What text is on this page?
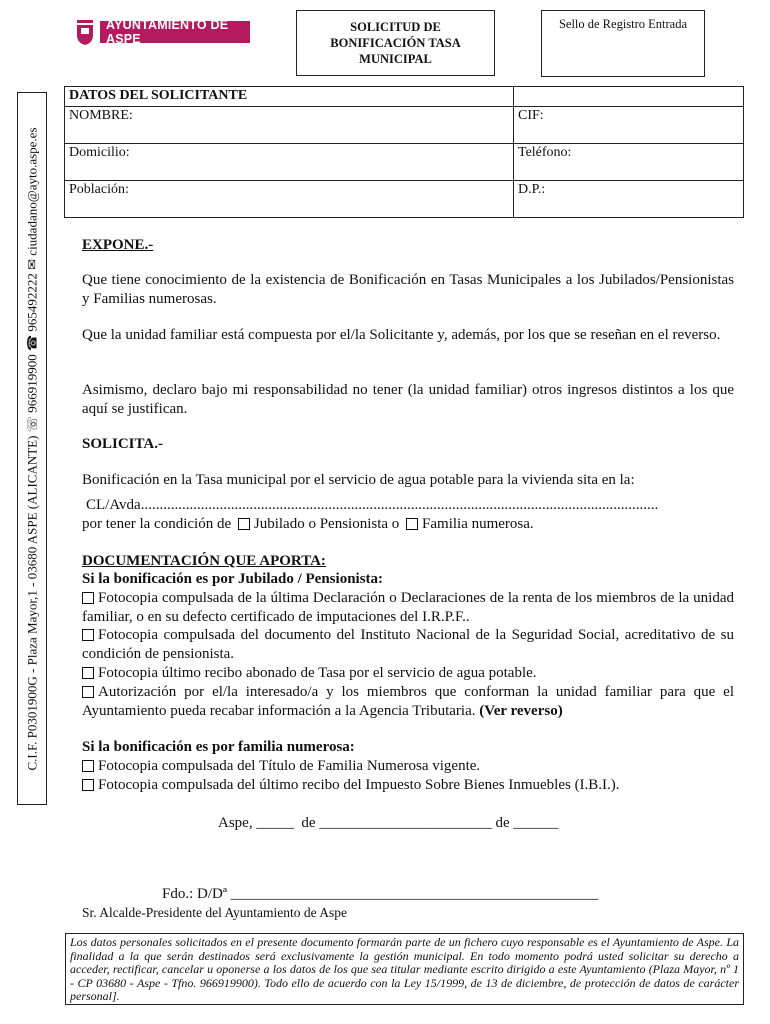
AYUNTAMIENTO DE ASPE
SOLICITUD DE
BONIFICACIÓN TASA
MUNICIPAL
Sello de Registro Entrada
C.I.F. P0301900G - Plaza Mayor,1 - 03680 ASPE (ALICANTE) ☏ 966919900 ☎ 965492222 ✉ ciudadano@ayto.aspe.es
DATOS DEL SOLICITANTE	
NOMBRE:	CIF:
Domicilio:	Teléfono:
Población:	D.P.:
EXPONE.-
Que tiene conocimiento de la existencia de Bonificación en Tasas Municipales a los Jubilados/Pensionistas y Familias numerosas.
Que la unidad familiar está compuesta por el/la Solicitante y, además, por los que se reseñan en el reverso.
Asimismo, declaro bajo mi responsabilidad no tener (la unidad familiar) otros ingresos distintos a los que aquí se justifican.
SOLICITA.-
Bonificación en la Tasa municipal por el servicio de agua potable para la vivienda sita en la:
CL/Avda..........................................................................................................................................
por tener la condición de Jubilado o Pensionista o Familia numerosa.
DOCUMENTACIÓN QUE APORTA:
Si la bonificación es por Jubilado / Pensionista:
Fotocopia compulsada de la última Declaración o Declaraciones de la renta de los miembros de la unidad familiar, o en su defecto certificado de imputaciones del I.R.P.F..
Fotocopia compulsada del documento del Instituto Nacional de la Seguridad Social, acreditativo de su condición de pensionista.
Fotocopia último recibo abonado de Tasa por el servicio de agua potable.
Autorización por el/la interesado/a y los miembros que conforman la unidad familiar para que el Ayuntamiento pueda recabar información a la Agencia Tributaria. (Ver reverso)
Si la bonificación es por familia numerosa:
Fotocopia compulsada del Título de Familia Numerosa vigente.
Fotocopia compulsada del último recibo del Impuesto Sobre Bienes Inmuebles (I.B.I.).
Aspe, _____  de _______________________ de ______
Fdo.: D/Dª _________________________________________________
Sr. Alcalde-Presidente del Ayuntamiento de Aspe
Los datos personales solicitados en el presente documento formarán parte de un fichero cuyo responsable es el Ayuntamiento de Aspe. La finalidad a la que serán destinados será exclusivamente la gestión municipal. En todo momento podrá usted solicitar su derecho a acceder, rectificar, cancelar u oponerse a los datos de los que sea titular mediante escrito dirigido a este Ayuntamiento (Plaza Mayor, nº 1 - CP 03680 - Aspe - Tfno. 966919900). Todo ello de acuerdo con la Ley 15/1999, de 13 de diciembre, de protección de datos de carácter personal].
